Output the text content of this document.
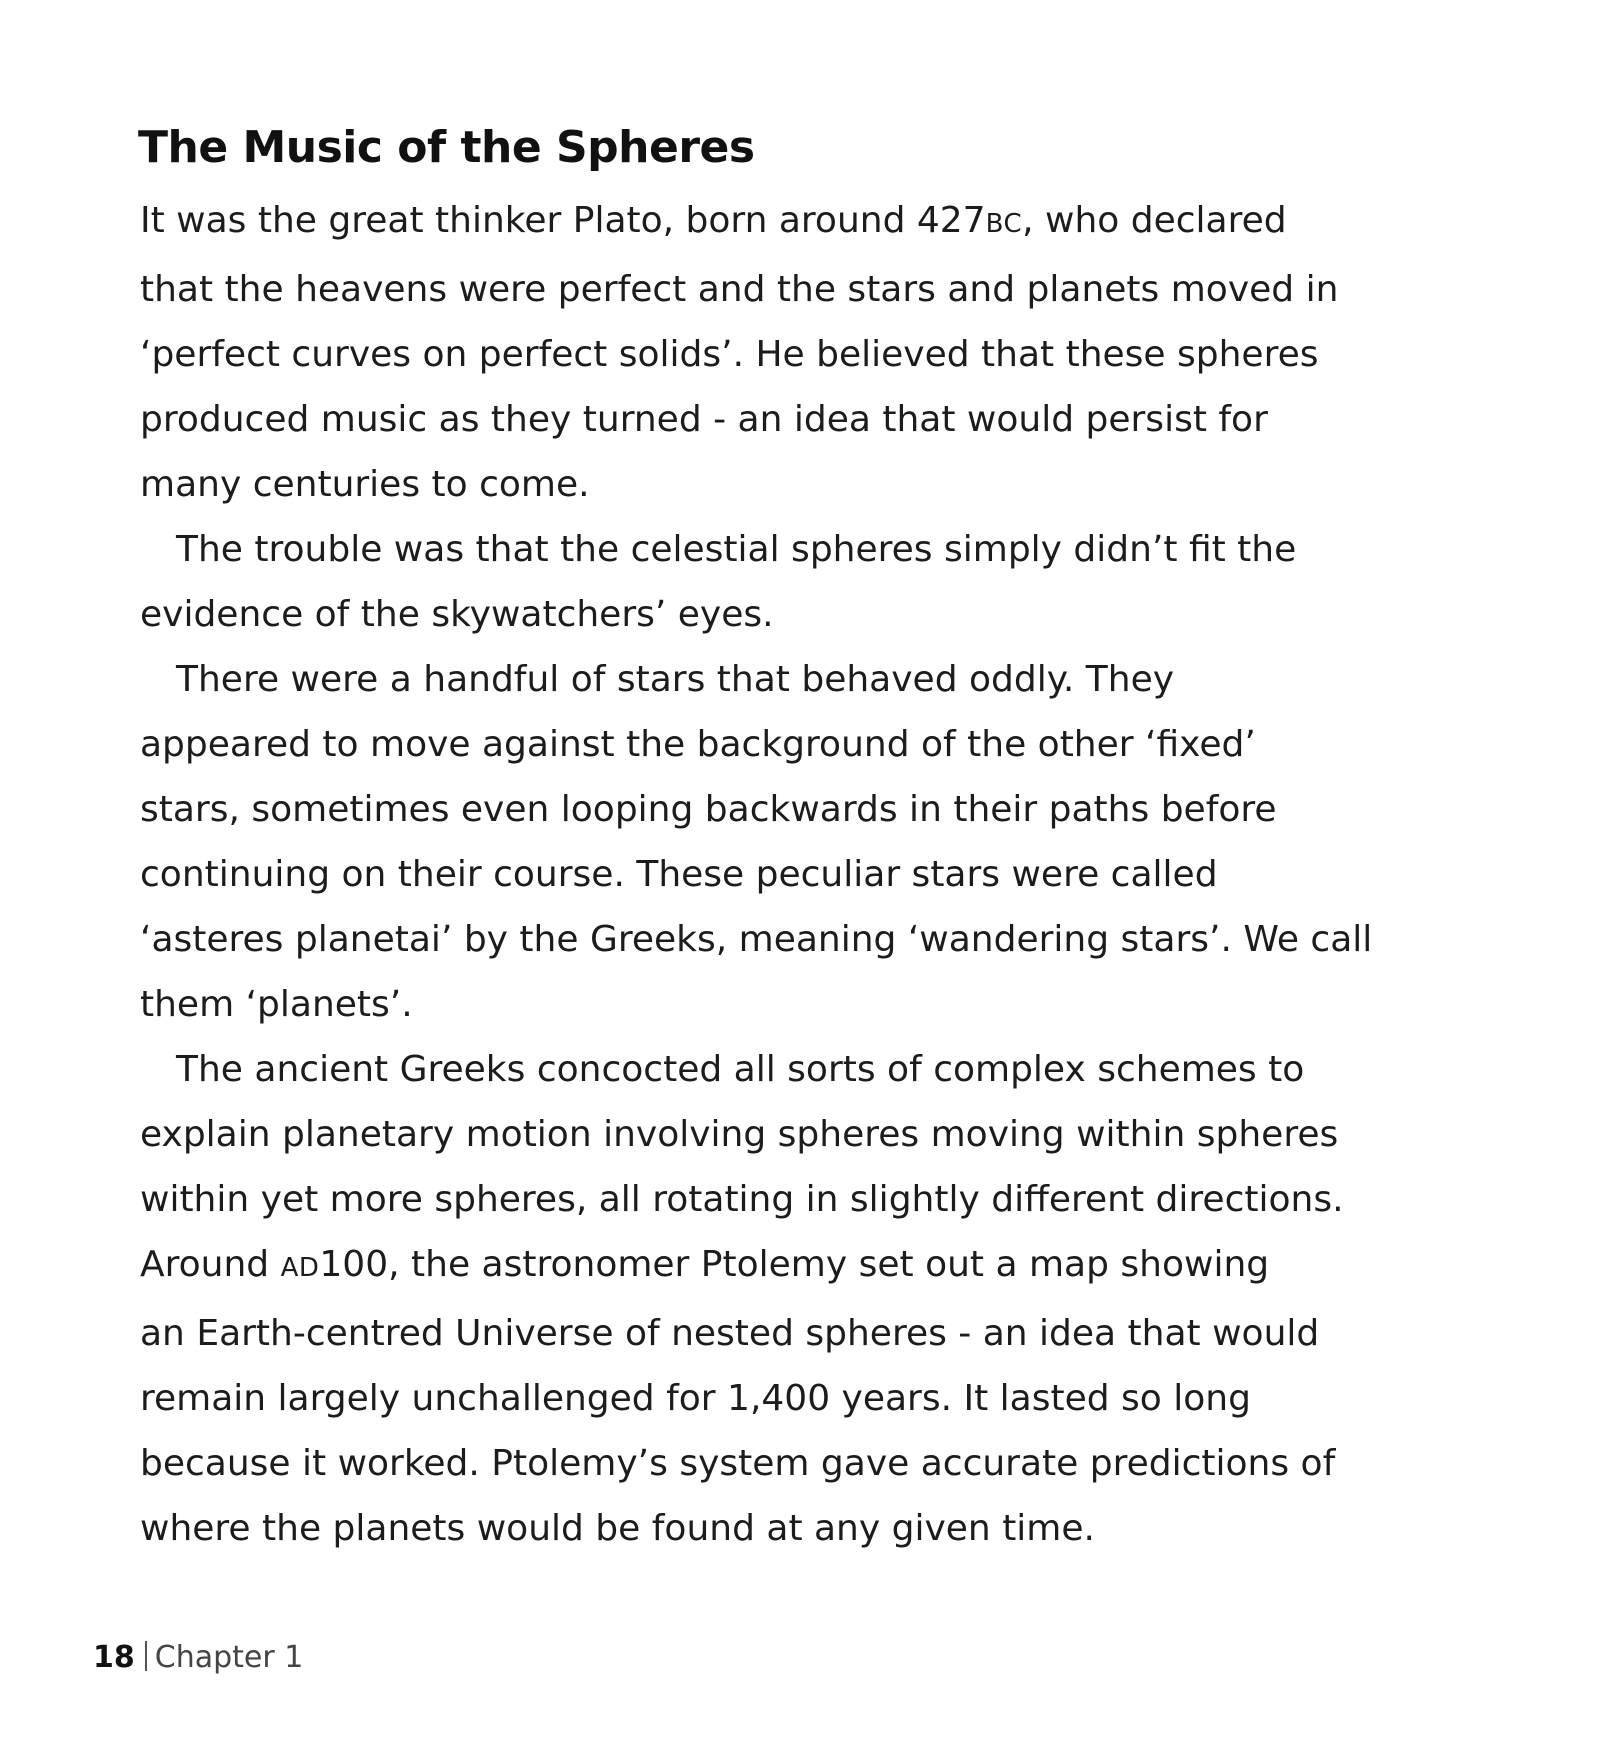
The Music of the Spheres

It was the great thinker Plato, born around 427BC, who declared
that the heavens were perfect and the stars and planets moved in
‘perfect curves on perfect solids’. He believed that these spheres
produced music as they turned - an idea that would persist for
many centuries to come.

The trouble was that the celestial spheres simply didn’t fit the
evidence of the skywatchers’ eyes.

There were a handful of stars that behaved oddly. They
appeared to move against the background of the other ‘fixed’
stars, sometimes even looping backwards in their paths before
continuing on their course. These peculiar stars were called
‘asteres planetai’ by the Greeks, meaning ‘wandering stars’. We call
them ‘planets’.

The ancient Greeks concocted all sorts of complex schemes to
explain planetary motion involving spheres moving within spheres
within yet more spheres, all rotating in slightly different directions.
Around AD100, the astronomer Ptolemy set out a map showing
an Earth-centred Universe of nested spheres - an idea that would
remain largely unchallenged for 1,400 years. It lasted so long
because it worked. Ptolemy’s system gave accurate predictions of
where the planets would be found at any given time.

18 Chapter 1
